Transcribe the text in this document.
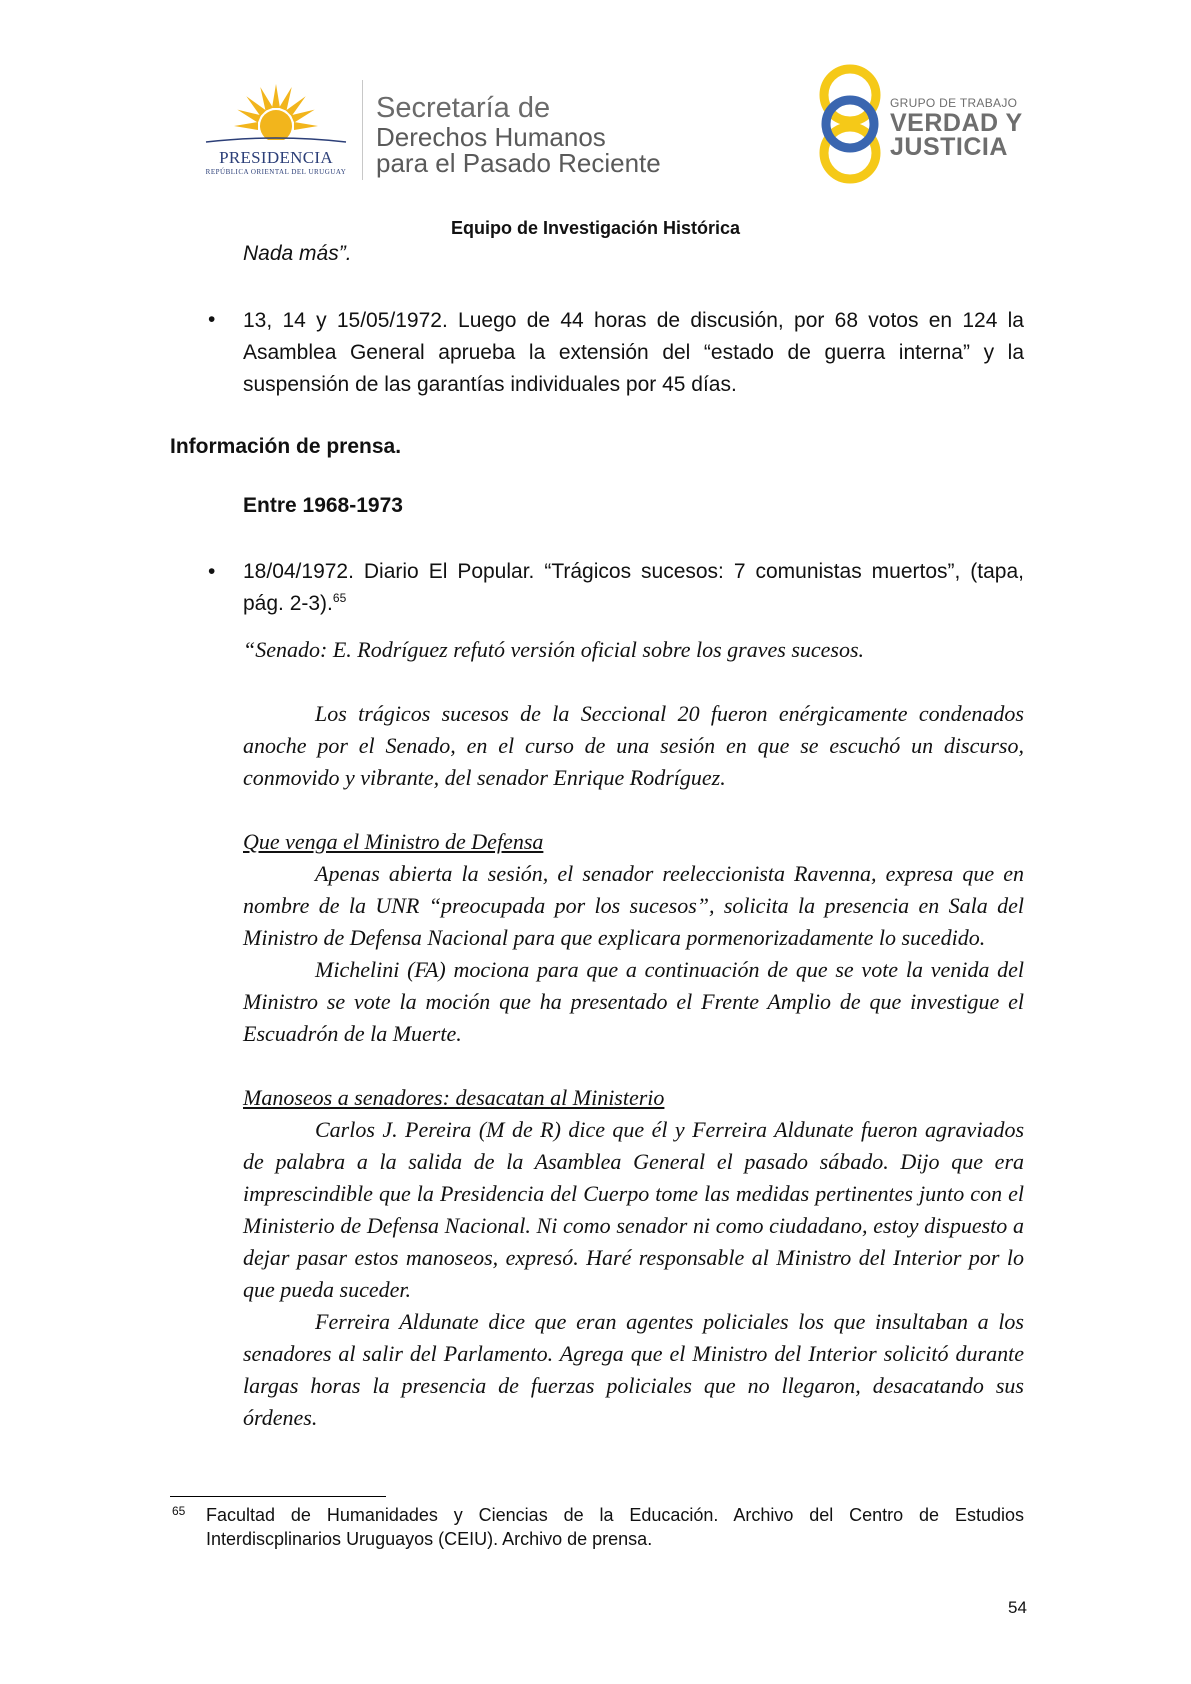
PRESIDENCIA
REPÚBLICA ORIENTAL DEL URUGUAY
Secretaría de
Derechos Humanos
para el Pasado Reciente
GRUPO DE TRABAJO
VERDAD Y
JUSTICIA
Equipo de Investigación Histórica
Nada más”.
• 13, 14 y 15/05/1972. Luego de 44 horas de discusión, por 68 votos en 124 la Asamblea General aprueba la extensión del “estado de guerra interna” y la suspensión de las garantías individuales por 45 días.
Información de prensa.
Entre 1968-1973
• 18/04/1972. Diario El Popular. “Trágicos sucesos: 7 comunistas muertos”, (tapa, pág. 2-3).$^{65}$

“Senado: E. Rodríguez refutó versión oficial sobre los graves sucesos.

Los trágicos sucesos de la Seccional 20 fueron enérgicamente condenados anoche por el Senado, en el curso de una sesión en que se escuchó un discurso, conmovido y vibrante, del senador Enrique Rodríguez.

Que venga el Ministro de Defensa

Apenas abierta la sesión, el senador reeleccionista Ravenna, expresa que en nombre de la UNR “preocupada por los sucesos”, solicita la presencia en Sala del Ministro de Defensa Nacional para que explicara pormenorizadamente lo sucedido.

Michelini (FA) mociona para que a continuación de que se vote la venida del Ministro se vote la moción que ha presentado el Frente Amplio de que investigue el Escuadrón de la Muerte.

Manoseos a senadores: desacatan al Ministerio

Carlos J. Pereira (M de R) dice que él y Ferreira Aldunate fueron agraviados de palabra a la salida de la Asamblea General el pasado sábado. Dijo que era imprescindible que la Presidencia del Cuerpo tome las medidas pertinentes junto con el Ministerio de Defensa Nacional. Ni como senador ni como ciudadano, estoy dispuesto a dejar pasar estos manoseos, expresó. Haré responsable al Ministro del Interior por lo que pueda suceder.

Ferreira Aldunate dice que eran agentes policiales los que insultaban a los senadores al salir del Parlamento. Agrega que el Ministro del Interior solicitó durante largas horas la presencia de fuerzas policiales que no llegaron, desacatando sus órdenes.

65 Facultad de Humanidades y Ciencias de la Educación. Archivo del Centro de Estudios Interdiscplinarios Uruguayos (CEIU). Archivo de prensa.
54
